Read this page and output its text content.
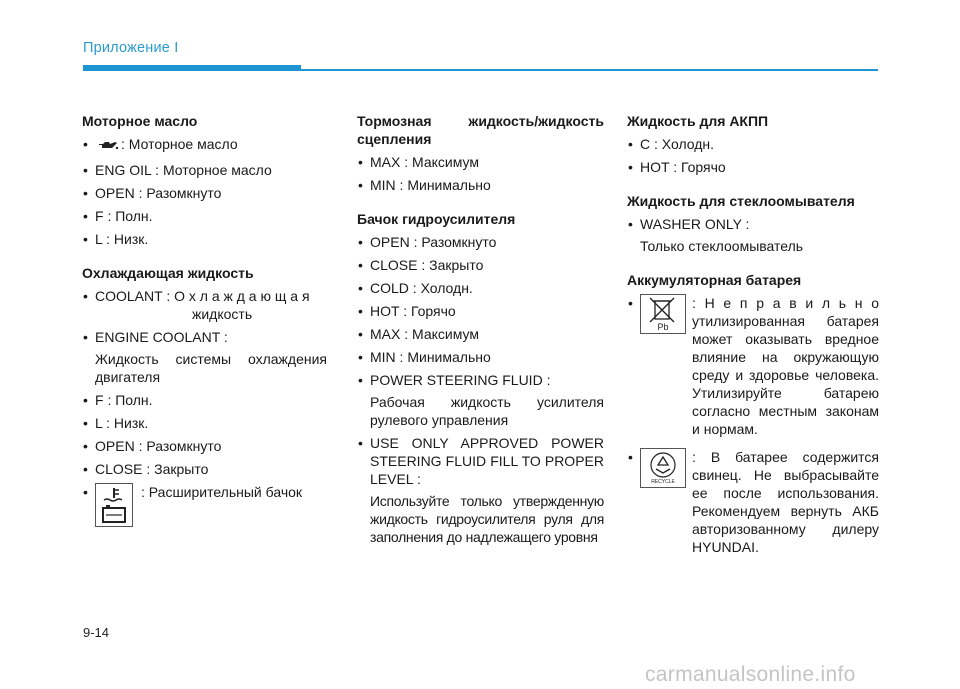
Приложение I
Моторное масло
• : Моторное масло
• ENG OIL : Моторное масло
• OPEN : Разомкнуто
• F : Полн.
• L : Низк.
Охлаждающая жидкость
• COOLANT : О х л а ж д а ю щ а я
жидкость
• ENGINE COOLANT :
Жидкость системы охлаждения двигателя
• F : Полн.
• L : Низк.
• OPEN : Разомкнуто
• CLOSE : Закрыто
• : Расширительный бачок
Тормозная жидкость/жидкость сцепления
• MAX : Максимум
• MIN : Минимально
Бачок гидроусилителя
• OPEN : Разомкнуто
• CLOSE : Закрыто
• COLD : Холодн.
• HOT : Горячо
• MAX : Максимум
• MIN : Минимально
• POWER STEERING FLUID :
Рабочая жидкость усилителя рулевого управления
• USE ONLY APPROVED POWER STEERING FLUID FILL TO PROPER LEVEL :
Используйте только утвержденную жидкость гидроусилителя руля для заполнения до надлежащего уровня
Жидкость для АКПП
• C : Холодн.
• HOT : Горячо
Жидкость для стеклоомывателя
• WASHER ONLY :
Только стеклоомыватель
Аккумуляторная батарея
• Pb
: Н е п р а в и л ь н о утилизированная батарея может оказывать вредное влияние на окружающую среду и здоровье человека. Утилизируйте батарею согласно местным законам и нормам.
• RECYCLE
: В батарее содержится свинец. Не выбрасывайте ее после использования. Рекомендуем вернуть АКБ авторизованному дилеру HYUNDAI.
9-14
carmanualsonline.info
